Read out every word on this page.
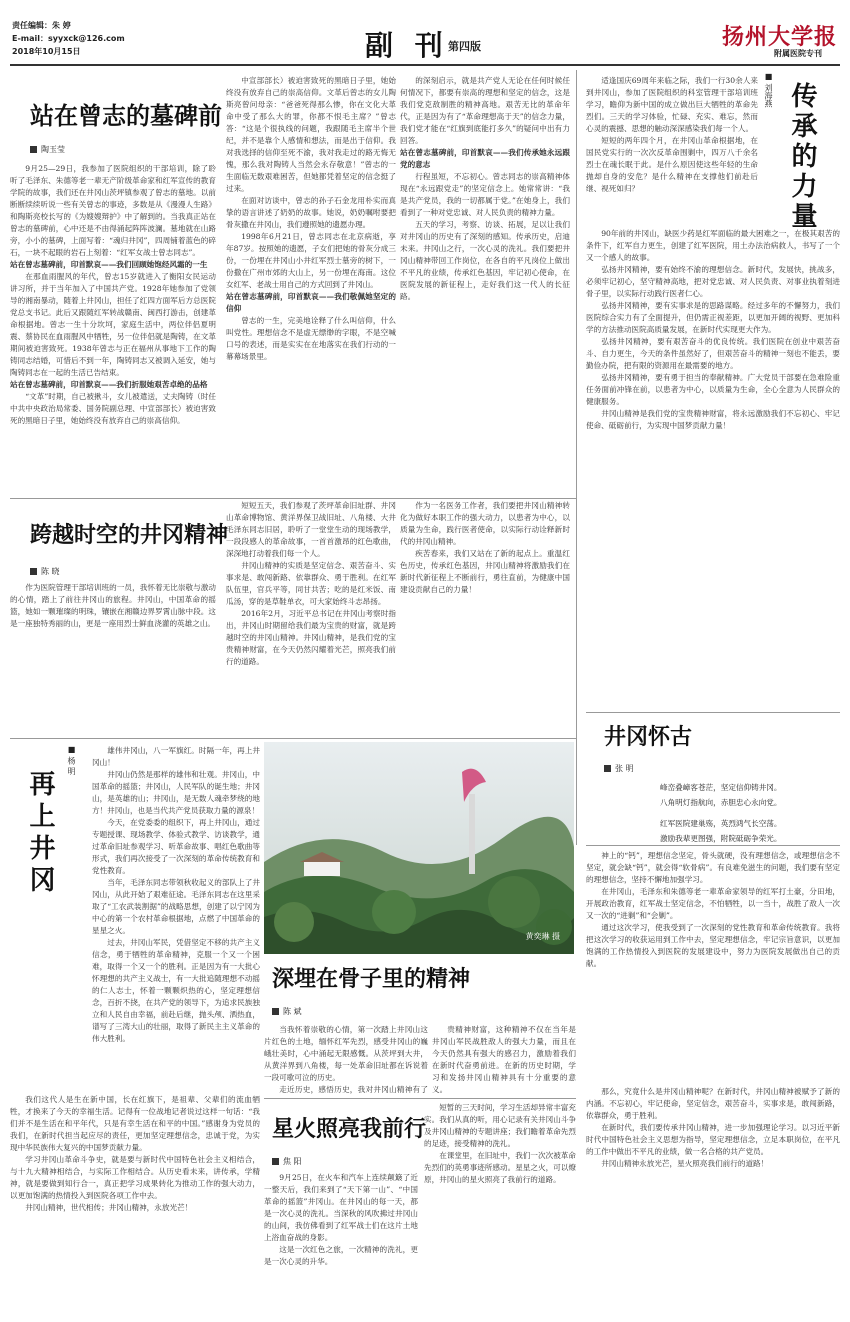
责任编辑：朱 婷
E-mail：syyxck@126.com
2018年10月15日	副 刊 第四版	扬州大学报
附属医院专刊
站在曾志的墓碑前
陶玉莹
9月25—29日，我参加了医院组织的干部培训，除了聆听了毛泽东、朱德等老一辈无产阶级革命家和红军宣传的教育学院的故事，我们还在井冈山茨坪镇参观了曾志的墓地。以前断断续续听说一些有关曾志的事迹，多数是从《漫漫人生路》和陶斯亮校长写的《为嫂嫂辩护》中了解到的。当我真正站在曾志的墓碑前，心中还是不由得涌起阵阵波澜。墓地就在山路旁，小小的墓碑，上面写着：“魂归井冈”，四周铺着蓝色的碎石，一块不起眼的岩石上刻着：“红军女战士曾志同志”。
站在曾志墓碑前，印首默哀——我们回顾她饱经风霜的一生
在那血雨腥风的年代，曾志15岁就进入了衡阳女民运动讲习所，并于当年加入了中国共产党。1928年她参加了党领导的湘南暴动，随着上井冈山，担任了红四方面军后方总医院党总支书记。此后又跟随红军转战赣南、闽西打游击，创建革命根据地。曾志一生十分坎坷，家庭生活中，两位伴侣夏明震、蔡协民在血雨腥风中牺牲，另一位伴侣就是陶铸，在文革期间被迫害致死。1938年曾志与正在福州从事地下工作的陶铸同志结婚，可惜后不到一年，陶铸同志又被调入延安，她与陶铸同志在一起的生活已告结束。
站在曾志墓碑前，印首默哀——我们折服她艰苦卓绝的品格
“文革”时期，自己被揪斗，女儿被遣送，丈夫陶铸（时任中共中央政治局常委、国务院副总理、中宣部部长）被迫害致死的黑暗日子里，她始终没有放弃自己的崇高信仰。
中宣部部长）被迫害致死的黑暗日子里，她始终没有放弃自己的崇高信仰。文革后曾志的女儿陶斯亮曾问母亲：“爸爸死得那么惨，你在文化大革命中受了那么大的罪，你都不恨毛主席？”曾志答：“这是个很执线的问题，我跟随毛主席半个世纪，并不是靠个人感情和想法，而是出于信仰。我对我选择的信仰至死不渝，我对我走过的路无悔无愧，那么我对陶铸人当然会永存敬意！”曾志的一生面临无数艰难困苦，但她都凭着坚定的信念挺了过来。
在面对访谈中，曾志的孙子石金龙用朴实而真挚的语言讲述了奶奶的故事。她说，奶奶嘱咐要把骨灰撒在井冈山，我们遵照她的遗愿办理。
1998年6月21日，曾志同志在北京病逝，享年87岁。按照她的遗愿，子女们把她的骨灰分成三份，一份埋在井冈山小井红军烈士墓旁的树下，一份撒在广州市郊的大山上，另一份埋在海南。这位女红军、老战士用自己的方式回到了井冈山。
站在曾志墓碑前，印首默哀——我们敬佩她坚定的信仰
曾志的一生，完美地诠释了什么叫信仰，什么叫党性。理想信念不是虚无缥缈的字眼，不是空喊口号的表述，而是实实在在地落实在我们行动的一幕幕场景里。
的深刻启示，就是共产党人无论在任何时候任何情况下，都要有崇高的理想和坚定的信念，这是我们党克敌制胜的精神高地。艰苦无比的革命年代，正是因为有了“革命理想高于天”的信念力量，我们党才能在“红旗到底能打多久”的疑问中出有力回答。
站在曾志墓碑前，印首默哀——我们传承她永远跟党的意志
行程虽短，不忘初心。曾志同志的崇高精神体现在“永远跟党走”的坚定信念上。她常常讲：“我是共产党员，我的一切都属于党。”在她身上，我们看到了一种对党忠诚、对人民负责的精神力量。
五天的学习，考察、访谈、拓展，足以让我们对井冈山的历史有了深刻的感知。传承历史，启迪未来。井冈山之行，一次心灵的洗礼。我们要把井冈山精神带回工作岗位，在各自的平凡岗位上做出不平凡的业绩，传承红色基因，牢记初心使命，在医院发展的新征程上，走好我们这一代人的长征路。
■ 刘海燕 传承的力量
适逢国庆69周年来临之际，我们一行30余人来到井冈山，参加了医院组织的科室管理干部培训班学习，瞻仰为新中国的成立做出巨大牺牲的革命先烈们。三天的学习体验，忙碌、充实、难忘，然而心灵的震撼、思想的触动深深感染我们每一个人。
短短的两年四个月，在井冈山革命根据地，在国民党实行的一次次反革命围剿中，四万八千余名烈士在魂长眠于此。是什么原因使这些年轻的生命抛却自身的安危？是什么精神在支撑他们前赴后继、视死如归？
90年前的井冈山，缺医少药是红军面临的最大困难之一，在极其艰苦的条件下，红军自力更生，创建了红军医院，用土办法治病救人，书写了一个又一个感人的故事。
弘扬井冈精神，要有始终不渝的理想信念。新时代，发展快，挑战多，必须牢记初心，坚守精神高地，把对党忠诚、对人民负责、对事业执着刻进骨子里，以实际行动践行医者仁心。
弘扬井冈精神，要有实事求是的思路谋略。经过多年的不懈努力，我们医院综合实力有了全面提升，但仍需正视差距，以更加开阔的视野、更加科学的方法推动医院高质量发展，在新时代实现更大作为。
弘扬井冈精神，要有艰苦奋斗的优良传统。我们医院在创业中艰苦奋斗、自力更生，今天的条件虽然好了，但艰苦奋斗的精神一刻也不能丢，要勤俭办院，把有限的资源用在最需要的地方。
弘扬井冈精神，要有勇于担当的奉献精神。广大党员干部要在急难险重任务面前冲锋在前，以患者为中心，以质量为生命，全心全意为人民群众的健康服务。
井冈山精神是我们党的宝贵精神财富，将永远激励我们不忘初心、牢记使命、砥砺前行，为实现中国梦贡献力量！
跨越时空的井冈精神
陈 晓
作为医院管理干部培训班的一员，我怀着无比崇敬与激动的心情，踏上了前往井冈山的旅程。井冈山，中国革命的摇篮，她如一颗璀璨的明珠，镶嵌在湘赣边界罗霄山脉中段。这是一座独特秀丽的山，更是一座用烈士鲜血浇灌的英雄之山。
短短五天，我们参观了茨坪革命旧址群、井冈山革命博物馆、黄洋界保卫战旧址、八角楼、大井毛泽东同志旧居，聆听了一堂堂生动的现场教学，一段段感人的革命故事，一首首激昂的红色歌曲，深深地打动着我们每一个人。
井冈山精神的实质是坚定信念、艰苦奋斗、实事求是、敢闯新路、依靠群众、勇于胜利。在红军队伍里，官兵平等，同甘共苦；吃的是红米饭、南瓜汤，穿的是草鞋单衣，可大家始终斗志昂扬。
2016年2月，习近平总书记在井冈山考察时指出，井冈山时期留给我们最为宝贵的财富，就是跨越时空的井冈山精神。井冈山精神，是我们党的宝贵精神财富，在今天仍然闪耀着光芒，照亮我们前行的道路。
作为一名医务工作者，我们要把井冈山精神转化为做好本职工作的强大动力，以患者为中心，以质量为生命，践行医者使命，以实际行动诠释新时代的井冈山精神。
疾苦春来，我们又站在了新的起点上。重温红色历史，传承红色基因，井冈山精神将激励我们在新时代新征程上不断前行，勇往直前，为健康中国建设贡献自己的力量！
井冈怀古
张 明
峰峦叠嶂客苍茫，坚定信仰铸井冈。
八角明灯指航向，赤胆忠心永向党。
红军医院建巢殇，英烈鸿气长空荡。
激励我辈更图强，附院砥砺争荣光。
再上井冈
■ 杨 明
雄伟井冈山，八一军旗红。时隔一年，再上井冈山！
井冈山仍然是那样的雄伟和壮观。井冈山，中国革命的摇篮；井冈山，人民军队的诞生地；井冈山，是英雄的山；井冈山，是无数人魂牵梦绕的地方！井冈山，也是当代共产党员获取力量的源泉！
今天，在党委委的组织下，再上井冈山，通过专题授课、现场教学、体验式教学、访谈教学，通过革命旧址参观学习、听革命故事、唱红色歌曲等形式，我们再次接受了一次深刻的革命传统教育和党性教育。
当年，毛泽东同志带领秋收起义的部队上了井冈山，从此开始了艰难征途。毛泽东同志在这里采取了“工农武装割据”的战略思想，创建了以宁冈为中心的第一个农村革命根据地，点燃了中国革命的星星之火。
过去，井冈山军民，凭借坚定不移的共产主义信念，勇于牺牲的革命精神，克服一个又一个困难，取得一个又一个的胜利。正是因为有一大批心怀理想的共产主义战士，有一大批追随理想不动摇的仁人志士，怀着一颗颗炽热的心，坚定理想信念，百折不挠，在共产党的领导下，为追求民族独立和人民自由幸福，前赴后继，抛头颅、洒热血，谱写了三湾大山的壮丽，取得了新民主主义革命的伟大胜利。
我们这代人是生在新中国，长在红旗下，是祖辈、父辈们的流血牺牲，才换来了今天的幸福生活。记得有一位战地记者说过这样一句话：“我们并不是生活在和平年代，只是有幸生活在和平的中国。”感谢身为党员的我们，在新时代担当起应尽的责任，更加坚定理想信念，忠诚于党，为实现中华民族伟大复兴的中国梦贡献力量。
学习井冈山革命斗争史，就是要与新时代中国特色社会主义相结合，与十九大精神相结合，与实际工作相结合。从历史看未来，讲传承，学精神，就是要做到知行合一，真正把学习成果转化为推动工作的强大动力，以更加饱满的热情投入到医院各项工作中去。
井冈山精神，世代相传；井冈山精神，永放光芒！
黄奕琳 摄
深埋在骨子里的精神
陈 斌
当我怀着崇敬的心情，第一次踏上井冈山这片红色的土地，缅怀红军先烈，感受井冈山的巍峨壮美时，心中涌起无限感慨。从茨坪到大井，从黄洋界到八角楼，每一处革命旧址都在诉说着一段可歌可泣的历史。
走近历史，感悟历史，我对井冈山精神有了
贵精神财富，这种精神不仅在当年是井冈山军民战胜敌人的强大力量，而且在今天仍然具有强大的感召力，激励着我们在新时代奋勇前进。在新的历史时期，学习和发扬井冈山精神具有十分重要的意义。
神上的“钙”，理想信念坚定，骨头就硬，没有理想信念，或理想信念不坚定，就会缺“钙”，就会得“软骨病”。有良难免滋生的问题，我们要有坚定的理想信念，坚持不懈地加强学习。
在井冈山，毛泽东和朱德等老一辈革命家领导的红军打土豪，分田地，开展政治教育，红军战士坚定信念，不怕牺牲，以一当十，战胜了敌人一次又一次的“进剿”和“会剿”。
通过这次学习，使我受到了一次深刻的党性教育和革命传统教育。我将把这次学习的收获运用到工作中去，坚定理想信念，牢记宗旨意识，以更加饱满的工作热情投入到医院的发展建设中，努力为医院发展做出自己的贡献。
星火照亮我前行
焦 阳
9月25日，在火车和汽车上连续颠簸了近一整天后，我们来到了“天下第一山”、“中国革命的摇篮”井冈山。在井冈山的每一天，都是一次心灵的洗礼。当深秋的风吹拂过井冈山的山间，我仿佛看到了红军战士们在这片土地上浴血奋战的身影。
这是一次红色之旅，一次精神的洗礼，更是一次心灵的升华。
短暂的三天时间，学习生活却异常丰富充实。我们从真的听，用心记录有关井冈山斗争及井冈山精神的专题讲座；我们瞻着革命先烈的足迹，接受精神的洗礼。
在课堂里，在旧址中，我们一次次被革命先烈们的英勇事迹所感动。星星之火，可以燎原，井冈山的星火照亮了我前行的道路。
那么，究竟什么是井冈山精神呢？在新时代，井冈山精神被赋予了新的内涵。不忘初心，牢记使命，坚定信念，艰苦奋斗，实事求是，敢闯新路，依靠群众，勇于胜利。
在新时代，我们要传承井冈山精神，进一步加强理论学习。以习近平新时代中国特色社会主义思想为指导，坚定理想信念，立足本职岗位，在平凡的工作中做出不平凡的业绩，做一名合格的共产党员。
井冈山精神永放光芒，星火照亮我们前行的道路！
